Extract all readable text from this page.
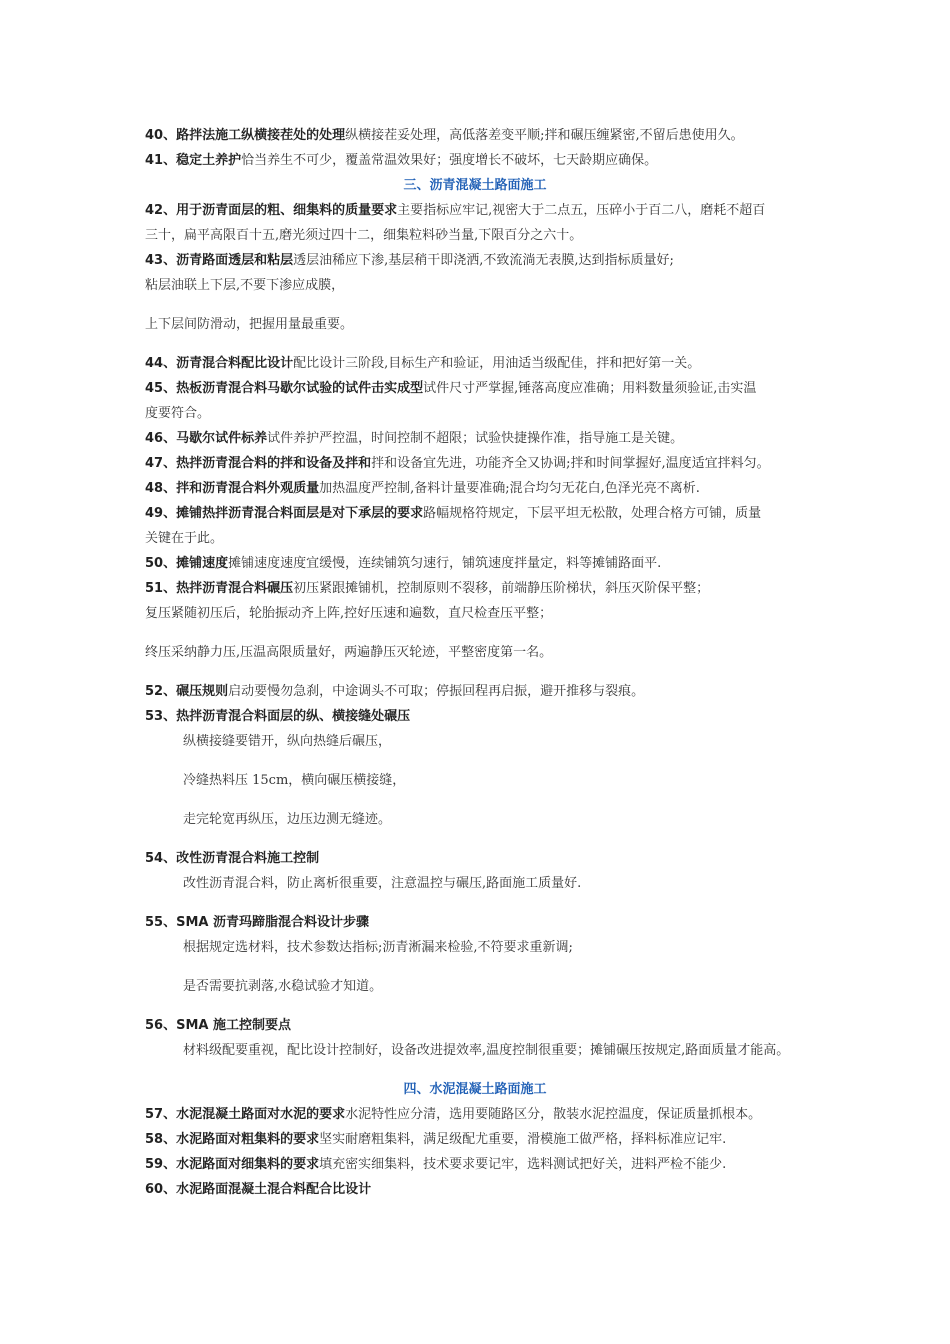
40、路拌法施工纵横接茬处的处理纵横接茬妥处理，高低落差变平顺;拌和碾压缠紧密,不留后患使用久。
41、稳定土养护恰当养生不可少，覆盖常温效果好；强度增长不破坏，七天龄期应确保。
三、沥青混凝土路面施工
42、用于沥青面层的粗、细集料的质量要求主要指标应牢记,视密大于二点五，压碎小于百二八，磨耗不超百
三十，扁平高限百十五,磨光须过四十二，细集粒料砂当量,下限百分之六十。
43、沥青路面透层和粘层透层油稀应下渗,基层稍干即浇洒,不致流淌无表膜,达到指标质量好;
粘层油联上下层,不要下渗应成膜，
上下层间防滑动，把握用量最重要。
44、沥青混合料配比设计配比设计三阶段,目标生产和验证，用油适当级配佳，拌和把好第一关。
45、热板沥青混合料马歇尔试验的试件击实成型试件尺寸严掌握,锤落高度应准确；用料数量须验证,击实温
度要符合。
46、马歇尔试件标养试件养护严控温，时间控制不超限；试验快捷操作准，指导施工是关键。
47、热拌沥青混合料的拌和设备及拌和拌和设备宜先进，功能齐全又协调;拌和时间掌握好,温度适宜拌料匀。
48、拌和沥青混合料外观质量加热温度严控制,备料计量要准确;混合均匀无花白,色泽光亮不离析.
49、摊铺热拌沥青混合料面层是对下承层的要求路幅规格符规定，下层平坦无松散，处理合格方可铺，质量
关键在于此。
50、摊铺速度摊铺速度速度宜缓慢，连续铺筑匀速行，铺筑速度拌量定，料等摊铺路面平.
51、热拌沥青混合料碾压初压紧跟摊铺机，控制原则不裂移，前端静压阶梯状，斜压灭阶保平整；
复压紧随初压后，轮胎振动齐上阵,控好压速和遍数，直尺检查压平整；
终压采纳静力压,压温高限质量好，两遍静压灭轮迹，平整密度第一名。
52、碾压规则启动要慢勿急刹，中途调头不可取；停振回程再启振，避开推移与裂痕。
53、热拌沥青混合料面层的纵、横接缝处碾压
纵横接缝要错开，纵向热缝后碾压，
冷缝热料压 15cm，横向碾压横接缝，
走完轮宽再纵压，边压边测无缝迹。
54、改性沥青混合料施工控制
改性沥青混合料，防止离析很重要，注意温控与碾压,路面施工质量好.
55、SMA 沥青玛蹄脂混合料设计步骤
根据规定选材料，技术参数达指标;沥青淅漏来检验,不符要求重新调;
是否需要抗剥落,水稳试验才知道。
56、SMA 施工控制要点
材料级配要重视，配比设计控制好，设备改进提效率,温度控制很重要；摊铺碾压按规定,路面质量才能高。
四、水泥混凝土路面施工
57、水泥混凝土路面对水泥的要求水泥特性应分清，选用要随路区分，散装水泥控温度，保证质量抓根本。
58、水泥路面对粗集料的要求坚实耐磨粗集料，满足级配尤重要，滑模施工做严格，择料标准应记牢.
59、水泥路面对细集料的要求填充密实细集料，技术要求要记牢，选料测试把好关，进料严检不能少.
60、水泥路面混凝土混合料配合比设计
